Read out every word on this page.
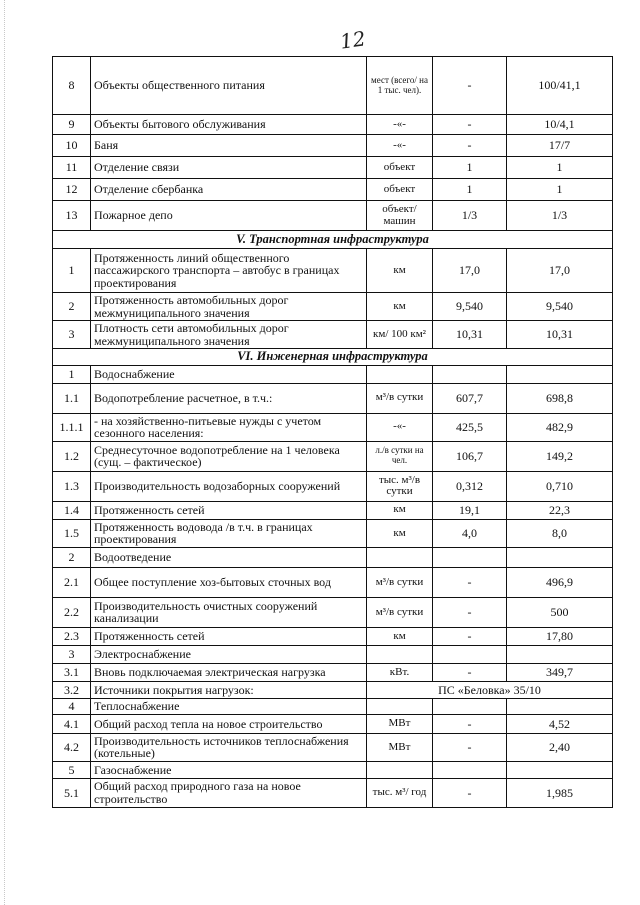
12
8	Объекты общественного питания	мест (всего/ на 1 тыс. чел).	-	100/41,1
9	Объекты бытового обслуживания	-«-	-	10/4,1
10	Баня	-«-	-	17/7
11	Отделение связи	объект	1	1
12	Отделение сбербанка	объект	1	1
13	Пожарное депо	объект/ машин	1/3	1/3
V. Транспортная инфраструктура				
1	Протяженность линий общественного пассажирского транспорта – автобус в границах проектирования	км	17,0	17,0
2	Протяженность автомобильных дорог межмуниципального значения	км	9,540	9,540
3	Плотность сети автомобильных дорог межмуниципального значения	км/ 100 км²	10,31	10,31
VI. Инженерная инфраструктура				
1	Водоснабжение			
1.1	Водопотребление расчетное, в т.ч.:	м³/в сутки	607,7	698,8
1.1.1	- на хозяйственно-питьевые нужды с учетом сезонного населения:	-«-	425,5	482,9
1.2	Среднесуточное водопотребление на 1 человека (сущ. – фактическое)	л./в сутки на чел.	106,7	149,2
1.3	Производительность водозаборных сооружений	тыс. м³/в сутки	0,312	0,710
1.4	Протяженность сетей	км	19,1	22,3
1.5	Протяженность водовода /в т.ч. в границах проектирования	км	4,0	8,0
2	Водоотведение			
2.1	Общее поступление хоз-бытовых сточных вод	м³/в сутки	-	496,9
2.2	Производительность очистных сооружений канализации	м³/в сутки	-	500
2.3	Протяженность сетей	км	-	17,80
3	Электроснабжение			
3.1	Вновь подключаемая электрическая нагрузка	кВт.	-	349,7
3.2	Источники покрытия нагрузок:	ПС «Беловка» 35/10		
4	Теплоснабжение			
4.1	Общий расход тепла на новое строительство	МВт	-	4,52
4.2	Производительность источников теплоснабжения (котельные)	МВт	-	2,40
5	Газоснабжение			
5.1	Общий расход природного газа на новое строительство	тыс. м³/ год	-	1,985
